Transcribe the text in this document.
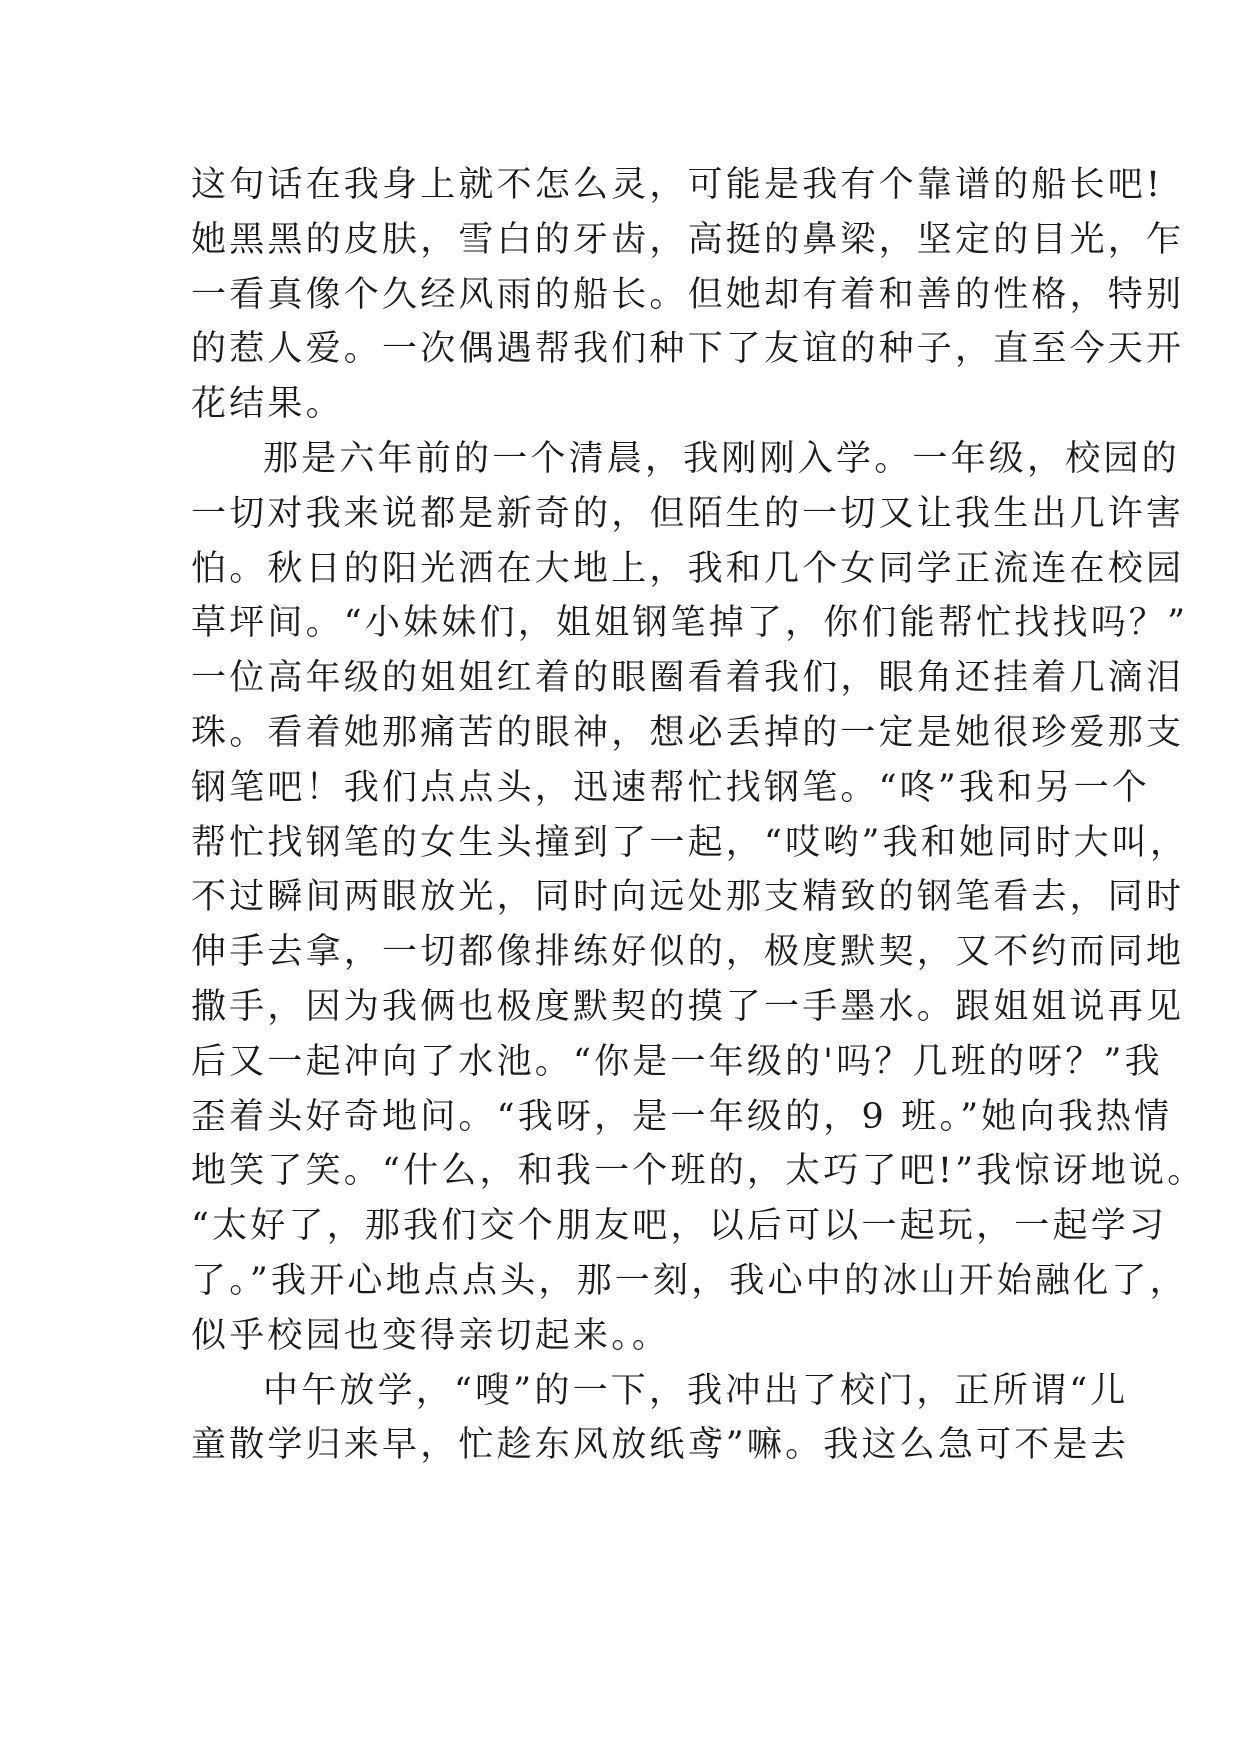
这句话在我身上就不怎么灵，可能是我有个靠谱的船长吧!
她黑黑的皮肤，雪白的牙齿，高挺的鼻梁，坚定的目光，乍
一看真像个久经风雨的船长。但她却有着和善的性格，特别
的惹人爱。一次偶遇帮我们种下了友谊的种子，直至今天开
花结果。
那是六年前的一个清晨，我刚刚入学。一年级，校园的
一切对我来说都是新奇的，但陌生的一切又让我生出几许害
怕。秋日的阳光洒在大地上，我和几个女同学正流连在校园
草坪间。“小妹妹们，姐姐钢笔掉了，你们能帮忙找找吗？”
一位高年级的姐姐红着的眼圈看着我们，眼角还挂着几滴泪
珠。看着她那痛苦的眼神，想必丢掉的一定是她很珍爱那支
钢笔吧！我们点点头，迅速帮忙找钢笔。“咚”我和另一个
帮忙找钢笔的女生头撞到了一起，“哎哟”我和她同时大叫，
不过瞬间两眼放光，同时向远处那支精致的钢笔看去，同时
伸手去拿，一切都像排练好似的，极度默契，又不约而同地
撒手，因为我俩也极度默契的摸了一手墨水。跟姐姐说再见
后又一起冲向了水池。“你是一年级的'吗？几班的呀？”我
歪着头好奇地问。“我呀，是一年级的，9 班。”她向我热情
地笑了笑。“什么，和我一个班的，太巧了吧!”我惊讶地说。
“太好了，那我们交个朋友吧，以后可以一起玩，一起学习
了。”我开心地点点头，那一刻，我心中的冰山开始融化了，
似乎校园也变得亲切起来。。
中午放学，“嗖”的一下，我冲出了校门，正所谓“儿
童散学归来早，忙趁东风放纸鸢”嘛。我这么急可不是去
